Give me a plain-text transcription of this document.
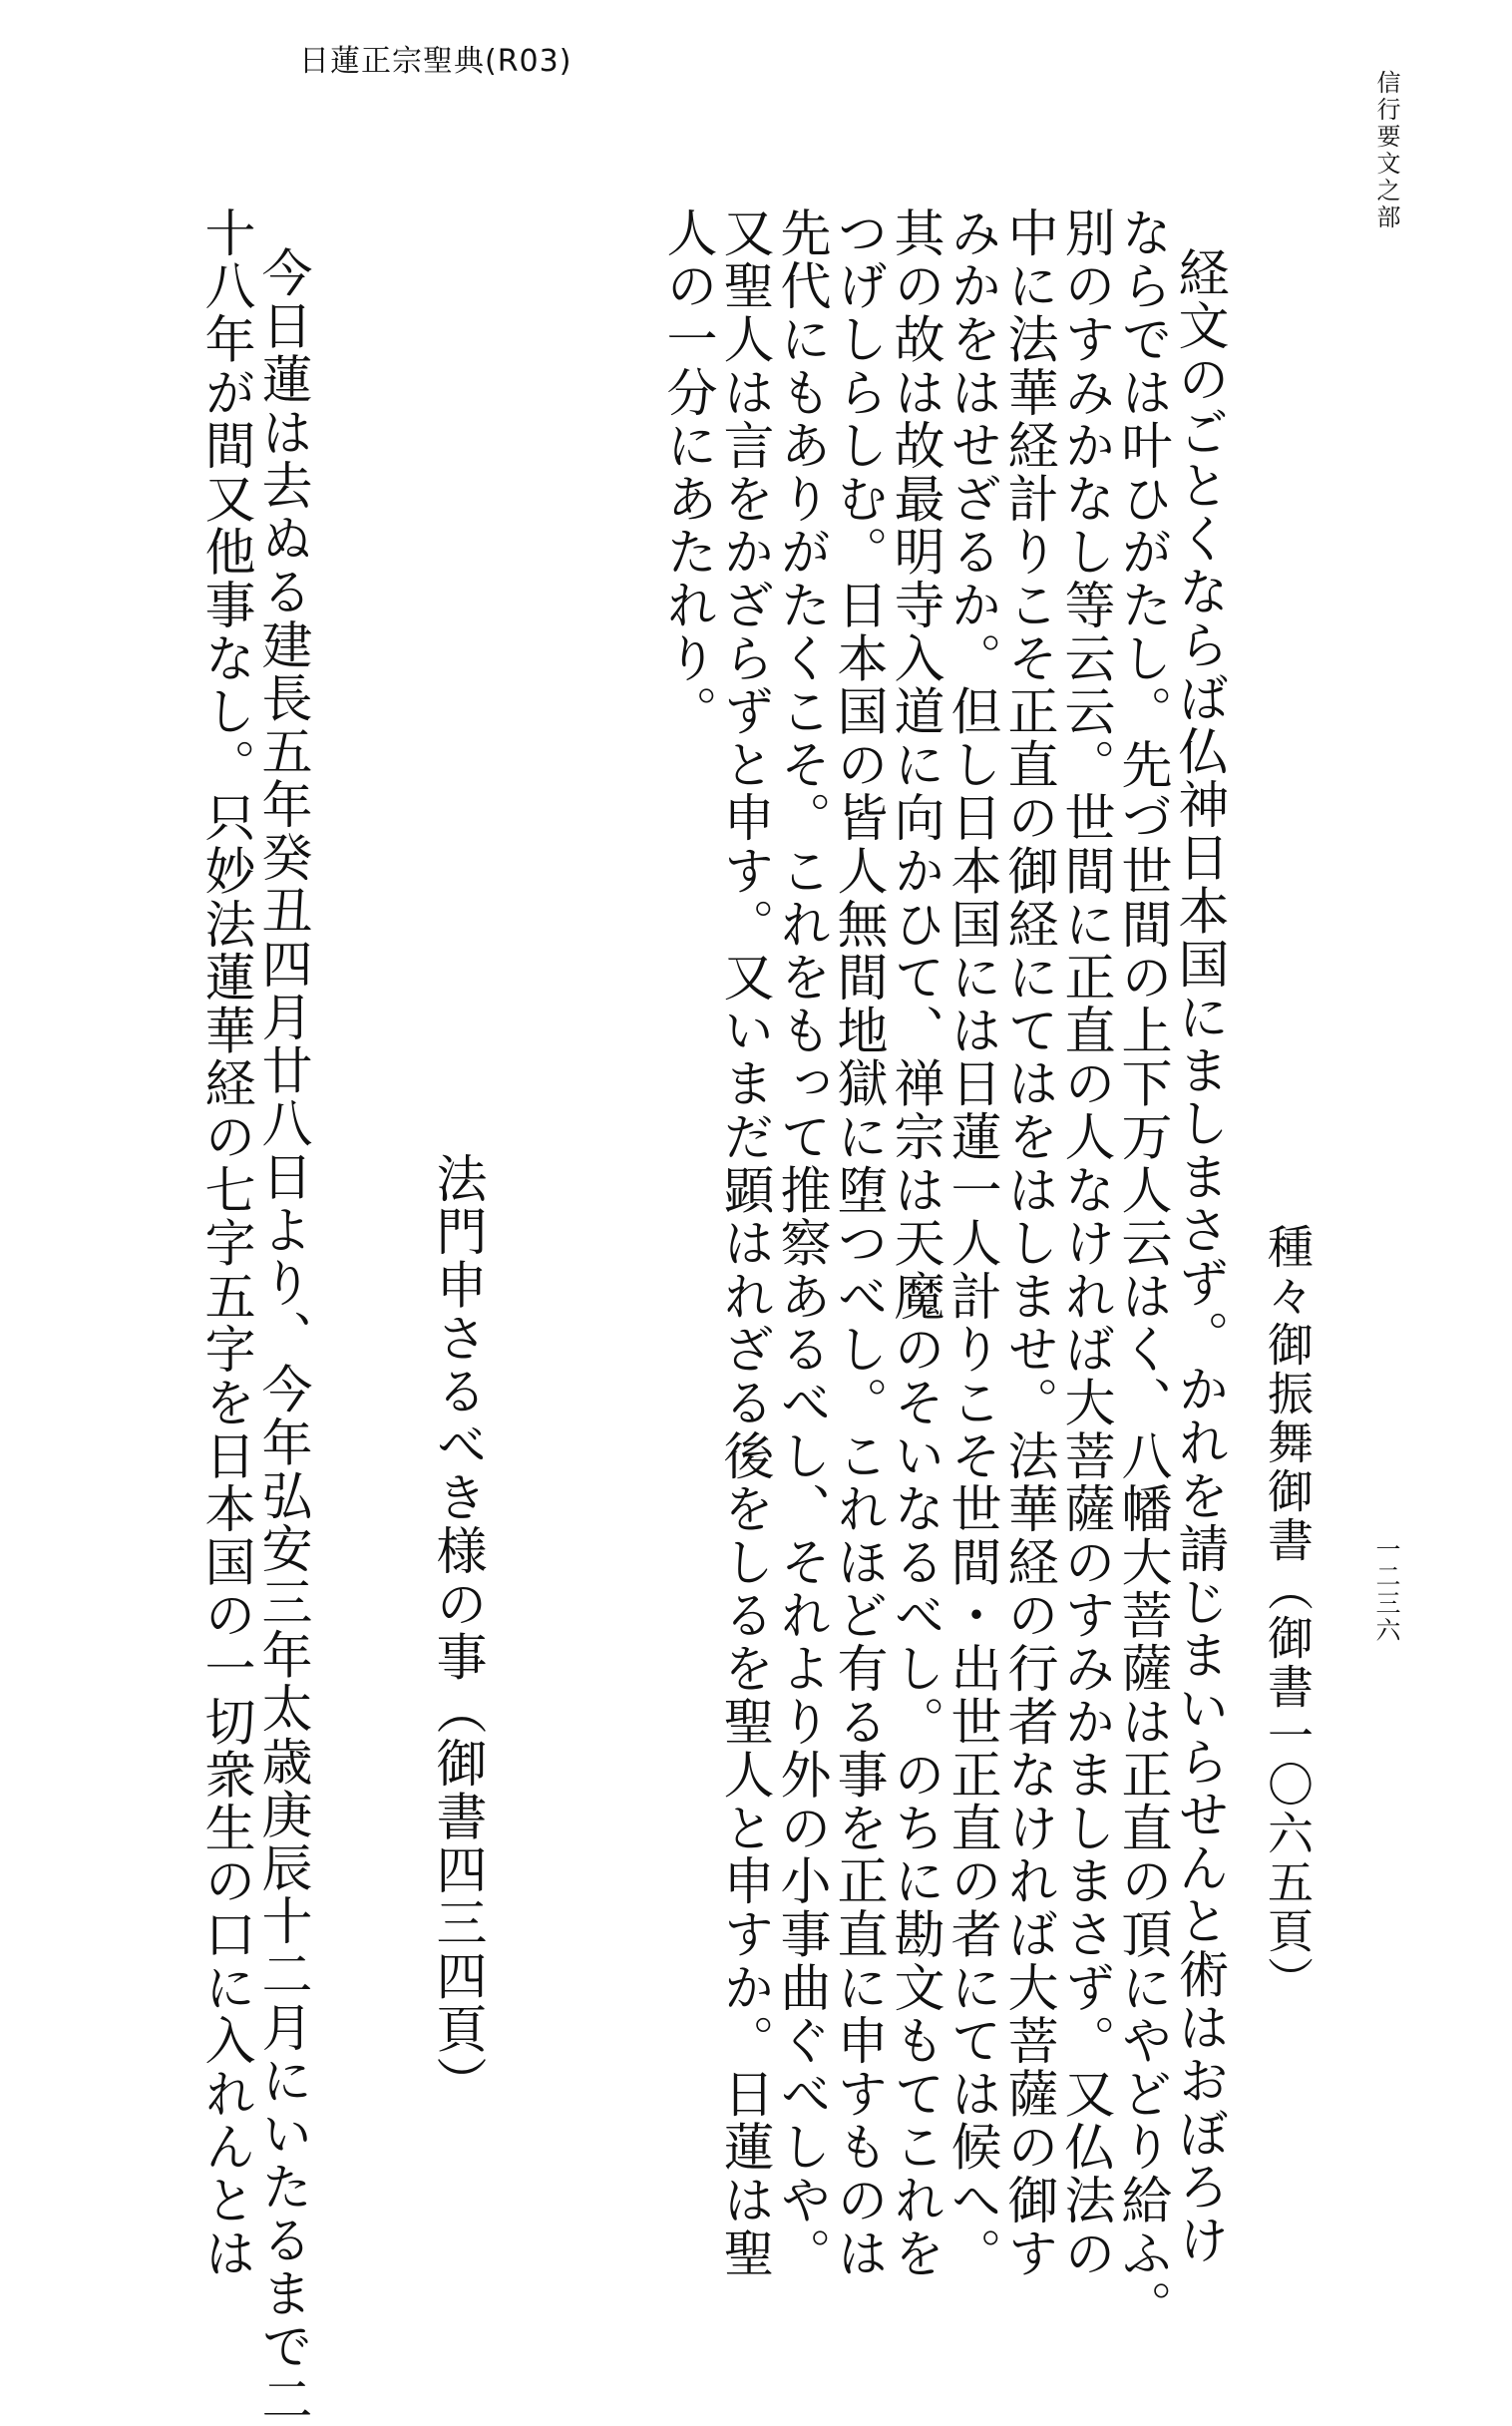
日蓮正宗聖典(R03)
信行要文之部
一二三六
種々御振舞御書（御書一〇六五頁）
経文のごとくならば仏神日本国にましまさず。かれを請じまいらせんと術はおぼろけ
ならでは叶ひがたし。先づ世間の上下万人云はく、八幡大菩薩は正直の頂にやどり給ふ。
別のすみかなし等云云。世間に正直の人なければ大菩薩のすみかましまさず。又仏法の
中に法華経計りこそ正直の御経にてはをはしませ。法華経の行者なければ大菩薩の御す
みかをはせざるか。但し日本国には日蓮一人計りこそ世間・出世正直の者にては候へ。
其の故は故最明寺入道に向かひて、禅宗は天魔のそいなるべし。のちに勘文もてこれを
つげしらしむ。日本国の皆人無間地獄に堕つべし。これほど有る事を正直に申すものは
先代にもありがたくこそ。これをもって推察あるべし、それより外の小事曲ぐべしや。
又聖人は言をかざらずと申す。又いまだ顕はれざる後をしるを聖人と申すか。日蓮は聖
人の一分にあたれり。
法門申さるべき様の事（御書四三四頁）
今日蓮は去ぬる建長五年癸丑四月廿八日より、今年弘安三年太歳庚辰十二月にいたるまで二
十八年が間又他事なし。只妙法蓮華経の七字五字を日本国の一切衆生の口に入れんとは
